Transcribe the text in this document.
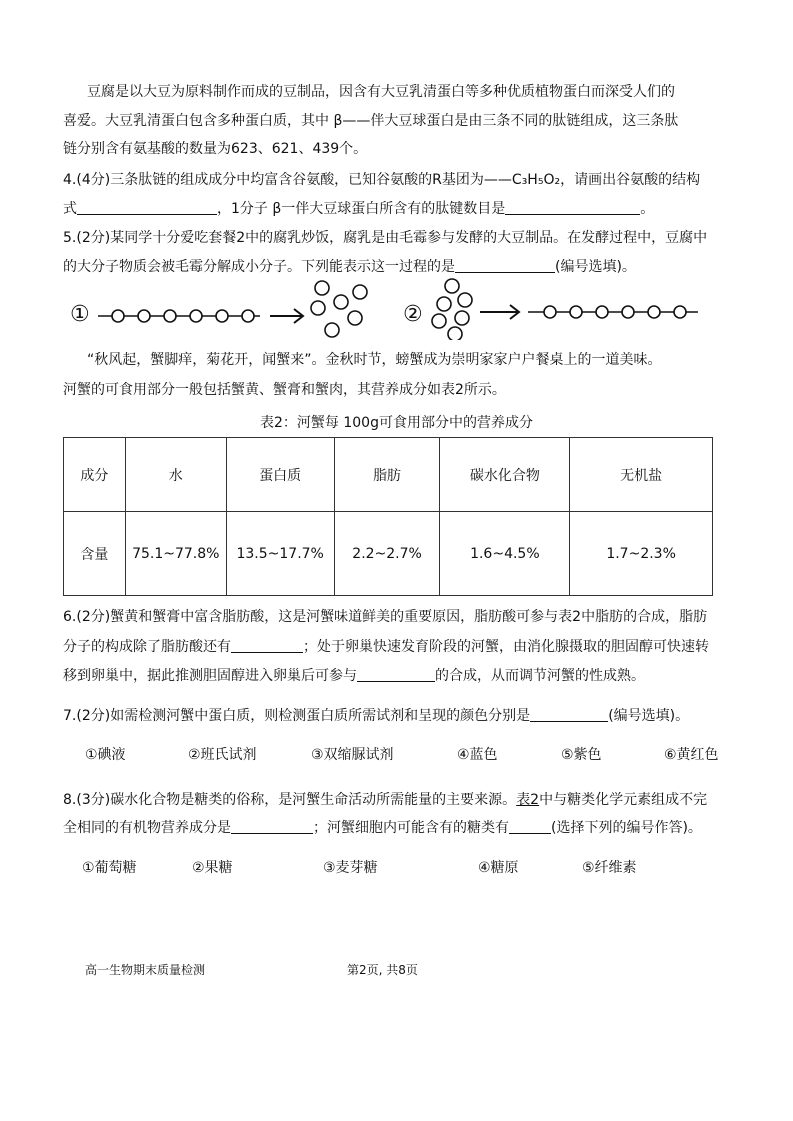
豆腐是以大豆为原料制作而成的豆制品，因含有大豆乳清蛋白等多种优质植物蛋白而深受人们的
喜爱。大豆乳清蛋白包含多种蛋白质，其中 β——伴大豆球蛋白是由三条不同的肽链组成，这三条肽
链分别含有氨基酸的数量为623、621、439个。
4.(4分)三条肽链的组成成分中均富含谷氨酸，已知谷氨酸的R基团为——C₃H₅O₂，请画出谷氨酸的结构
式	，1分子 β一伴大豆球蛋白所含有的肽键数目是	。
5.(2分)某同学十分爱吃套餐2中的腐乳炒饭，腐乳是由毛霉参与发酵的大豆制品。在发酵过程中，豆腐中
的大分子物质会被毛霉分解成小分子。下列能表示这一过程的是	(编号选填)。
①	②
“秋风起，蟹脚痒，菊花开，闻蟹来”。金秋时节，螃蟹成为崇明家家户户餐桌上的一道美味。
河蟹的可食用部分一般包括蟹黄、蟹膏和蟹肉，其营养成分如表2所示。
表2：河蟹每 100g可食用部分中的营养成分
成分	水	蛋白质	脂肪	碳水化合物	无机盐
含量	75.1~77.8%	13.5~17.7%	2.2~2.7%	1.6~4.5%	1.7~2.3%
6.(2分)蟹黄和蟹膏中富含脂肪酸，这是河蟹味道鲜美的重要原因，脂肪酸可参与表2中脂肪的合成，脂肪
分子的构成除了脂肪酸还有	；处于卵巢快速发育阶段的河蟹，由消化腺摄取的胆固醇可快速转
移到卵巢中，据此推测胆固醇进入卵巢后可参与	的合成，从而调节河蟹的性成熟。
7.(2分)如需检测河蟹中蛋白质，则检测蛋白质所需试剂和呈现的颜色分别是	(编号选填)。
①碘液	②班氏试剂	③双缩脲试剂	④蓝色	⑤紫色	⑥黄红色
8.(3分)碳水化合物是糖类的俗称，是河蟹生命活动所需能量的主要来源。表2中与糖类化学元素组成不完
全相同的有机物营养成分是	；河蟹细胞内可能含有的糖类有	(选择下列的编号作答)。
①葡萄糖	②果糖	③麦芽糖	④糖原	⑤纤维素
高一生物期末质量检测	第2页, 共8页
